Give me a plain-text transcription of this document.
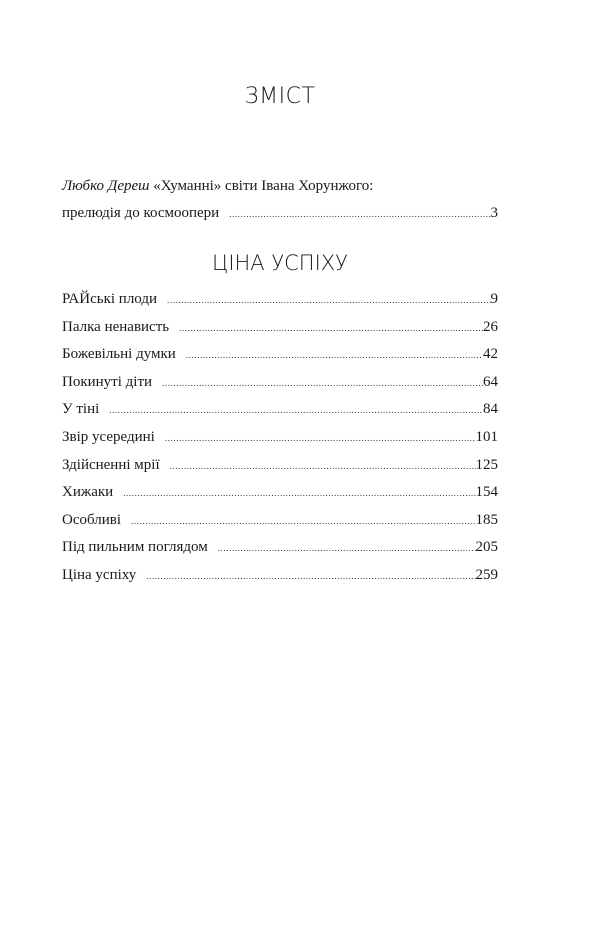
ЗМІСТ
Любко Дереш «Хуманні» світи Івана Хорунжого:
прелюдія до космоопери .....	3
ЦІНА УСПІХУ
РАЙські плоди .....	9
Палка ненависть .....	26
Божевільні думки .....	42
Покинуті діти .....	64
У тіні .....	84
Звір усередині .....	101
Здійсненні мрії .....	125
Хижаки .....	154
Особливі .....	185
Під пильним поглядом .....	205
Ціна успіху .....	259
